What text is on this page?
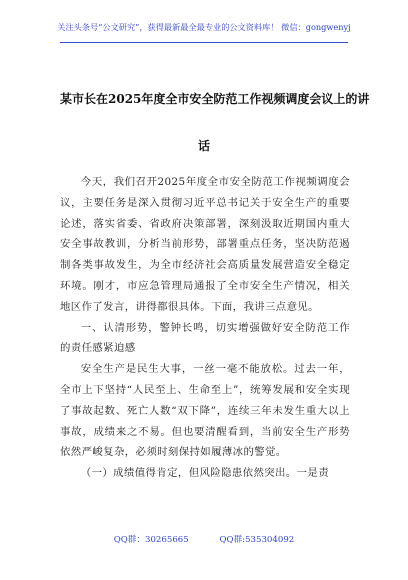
关注头条号“公文研究”，获得最新最全最专业的公文资料库！ 微信：gongwenyj
某市长在2025年度全市安全防范工作视频调度会议上的讲
话

今天，我们召开2025年度全市安全防范工作视频调度会议，主要任务是深入贯彻习近平总书记关于安全生产的重要论述，落实省委、省政府决策部署，深刻汲取近期国内重大安全事故教训，分析当前形势，部署重点任务，坚决防范遏制各类事故发生，为全市经济社会高质量发展营造安全稳定环境。刚才，市应急管理局通报了全市安全生产情况，相关地区作了发言，讲得都很具体。下面，我讲三点意见。

一、认清形势，警钟长鸣，切实增强做好安全防范工作的责任感紧迫感

安全生产是民生大事，一丝一毫不能放松。过去一年，全市上下坚持“人民至上、生命至上”，统筹发展和安全实现了事故起数、死亡人数“双下降”，连续三年未发生重大以上事故，成绩来之不易。但也要清醒看到，当前安全生产形势依然严峻复杂，必须时刻保持如履薄冰的警觉。

（一）成绩值得肯定，但风险隐患依然突出。一是责

QQ群：30265665	QQ群:535304092
